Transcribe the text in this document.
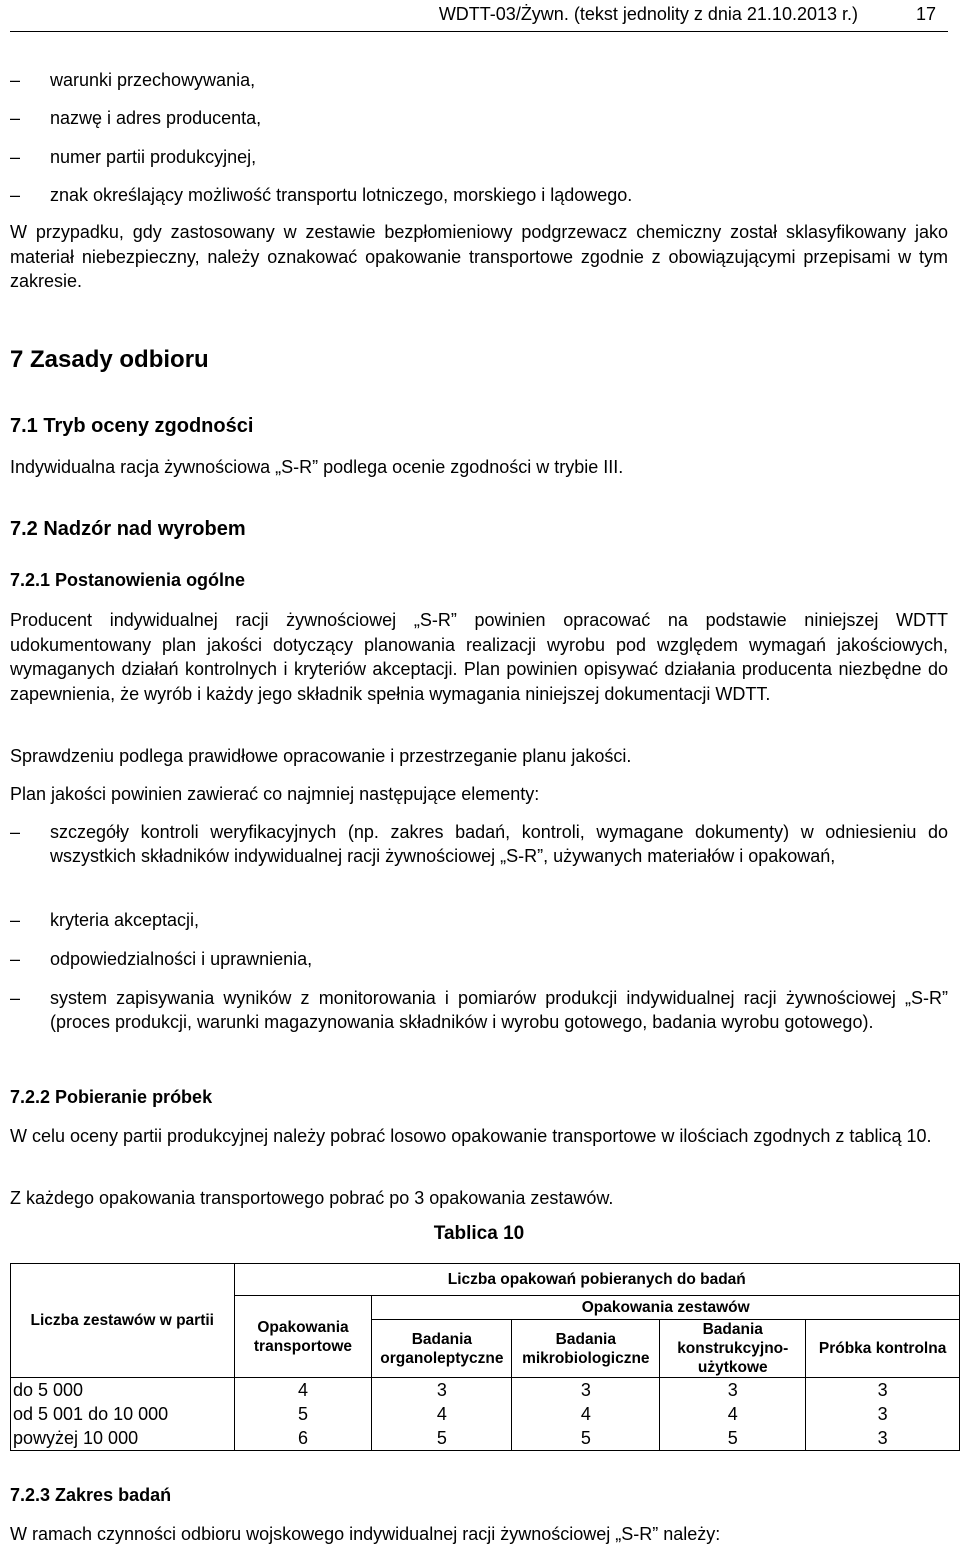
WDTT-03/Żywn. (tekst jednolity z dnia 21.10.2013 r.)	17
– warunki przechowywania,
– nazwę i adres producenta,
– numer partii produkcyjnej,
– znak określający możliwość transportu lotniczego, morskiego i lądowego.
W przypadku, gdy zastosowany w zestawie bezpłomieniowy podgrzewacz chemiczny został sklasyfikowany jako materiał niebezpieczny, należy oznakować opakowanie transportowe zgodnie z obowiązującymi przepisami w tym zakresie.
7 Zasady odbioru
7.1 Tryb oceny zgodności
Indywidualna racja żywnościowa „S-R” podlega ocenie zgodności w trybie III.
7.2 Nadzór nad wyrobem
7.2.1 Postanowienia ogólne
Producent indywidualnej racji żywnościowej „S-R” powinien opracować na podstawie niniejszej WDTT udokumentowany plan jakości dotyczący planowania realizacji wyrobu pod względem wymagań jakościowych, wymaganych działań kontrolnych i kryteriów akceptacji. Plan powinien opisywać działania producenta niezbędne do zapewnienia, że wyrób i każdy jego składnik spełnia wymagania niniejszej dokumentacji WDTT.
Sprawdzeniu podlega prawidłowe opracowanie i przestrzeganie planu jakości.
Plan jakości powinien zawierać co najmniej następujące elementy:
– szczegóły kontroli weryfikacyjnych (np. zakres badań, kontroli, wymagane dokumenty) w odniesieniu do wszystkich składników indywidualnej racji żywnościowej „S-R”, używanych materiałów i opakowań,
– kryteria akceptacji,
– odpowiedzialności i uprawnienia,
– system zapisywania wyników z monitorowania i pomiarów produkcji indywidualnej racji żywnościowej „S-R” (proces produkcji, warunki magazynowania składników i wyrobu gotowego, badania wyrobu gotowego).
7.2.2 Pobieranie próbek
W celu oceny partii produkcyjnej należy pobrać losowo opakowanie transportowe w ilościach zgodnych z tablicą 10.
Z każdego opakowania transportowego pobrać po 3 opakowania zestawów.
Tablica 10
Liczba zestawów w partii	Liczba opakowań pobieranych do badań				
	Opakowania transportowe	Opakowania zestawów			
		Badania organoleptyczne	Badania mikrobiologiczne	Badania konstrukcyjno-użytkowe	Próbka kontrolna
do 5 000	4	3	3	3	3
od 5 001 do 10 000	5	4	4	4	3
powyżej 10 000	6	5	5	5	3
7.2.3 Zakres badań
W ramach czynności odbioru wojskowego indywidualnej racji żywnościowej „S-R” należy:
